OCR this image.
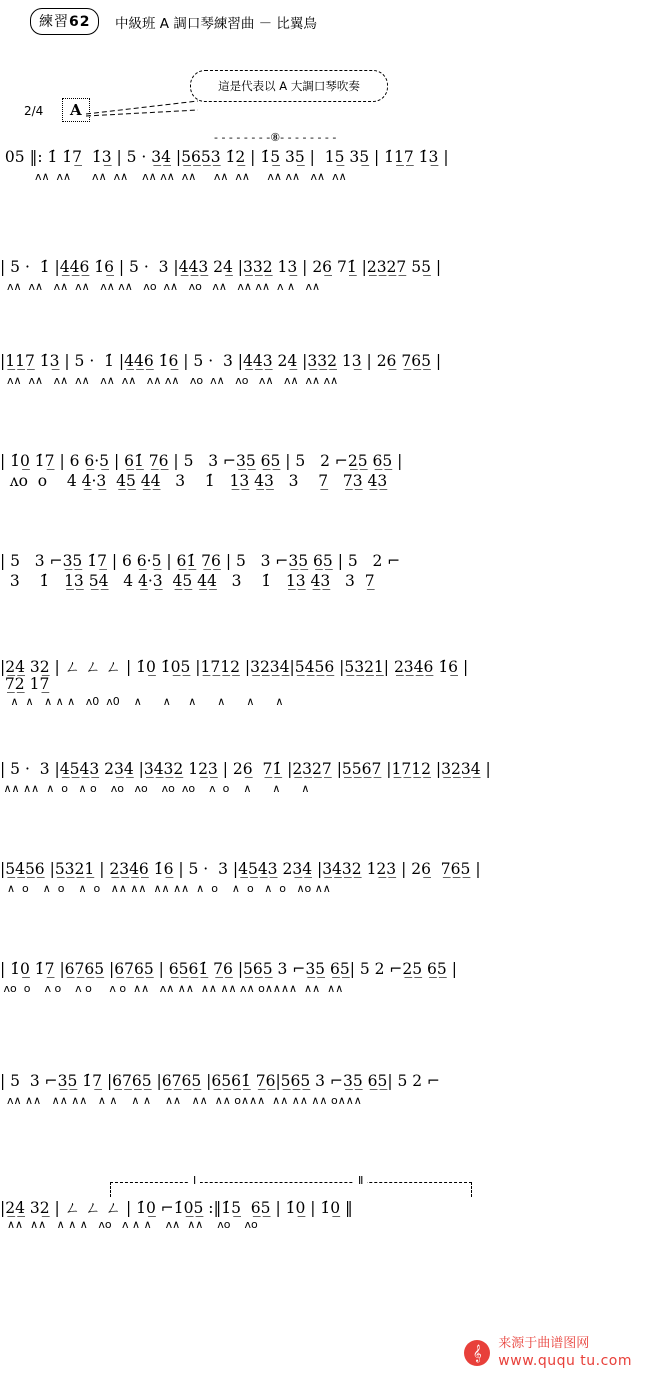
練習62	中級班 A 調口琴練習曲 － 比翼鳥
這是代表以 A 大調口琴吹奏
2/4	A
- - - - - - - -⑧- - - - - - - -
05 ‖: 1̇ 1̇7̲  1̇3̲ | 5 · 3̲4̲ |5̲6̲5̲3̲ 1̇2̲ | 1̇5̲ 35̲ |  15̲ 35̲ | 1̇1̲7̲ 1̇3̲ |
ʌ∧  ʌ∧      ʌ∧  ʌ∧    ʌ∧ ʌ∧  ʌ∧     ʌ∧  ʌ∧     ʌ∧ ʌ∧   ʌ∧  ʌ∧
| 5 ·  1̇ |4̲4̲6̲ 1̇6̲ | 5 ·  3 |4̲4̲3̲ 24̲ |3̲3̲2̲ 13̲ | 26̲ 71̲̇ |2̲3̲2̲7̲ 55̲ |
ʌ∧  ʌ∧   ʌ∧  ʌ∧   ʌ∧ ʌ∧   ʌo  ʌ∧   ʌo   ʌ∧   ʌ∧ ʌ∧  ʌ ∧   ʌ∧
|1̲1̲7̲ 1̇3̲ | 5 ·  1̇ |4̲4̲6̲ 1̇6̲ | 5 ·  3 |4̲4̲3̲ 24̲ |3̲3̲2̲ 13̲ | 26̲ 7̲6̲5̲ |
ʌ∧  ʌ∧   ʌ∧  ʌ∧   ʌ∧  ʌ∧   ʌ∧ ʌ∧   ʌo  ʌ∧   ʌo   ʌ∧   ʌ∧  ʌ∧ ʌ∧
| 1̇0̲ 1̇7̲ | 6 6̲·5̲ | 6̲1̲̇ 7̲6̲ | 5   3 ⌐3̲5̲ 6̲5̲ | 5   2 ⌐2̲5̲ 6̲5̲ |
ʌo  o    4 4̲·3̲  4̲5̲ 4̲4̲   3    1̇   1̲3̲ 4̲3̲   3    7̲   7̲3̲ 4̲3̲
| 5   3 ⌐3̲5̲ 1̇7̲ | 6 6̲·5̲ | 6̲1̲̇ 7̲6̲ | 5   3 ⌐3̲5̲ 6̲5̲ | 5   2 ⌐
3    1̇   1̲3̲ 5̲4̲   4 4̲·3̲  4̲5̲ 4̲4̲   3    1̇   1̲3̲ 4̲3̲   3  7̲
|2̲4̲ 32̲ | ㄥ ㄥ ㄥ | 1̇0̲ 1̇0̲5̲ |1̲7̲1̲2̲ |3̲2̲3̲4̲|5̲4̲5̲6̲ |5̲3̲2̲1̲| 2̲3̲4̲6̲ 1̇6̲ |
7̲2̲ 17̲
∧  ∧   ∧ ∧ ∧   ʌ0  ʌ0    ∧      ∧     ∧      ∧      ∧      ∧
| 5 ·  3 |4̲5̲4̲3̲ 23̲4̲ |3̲4̲3̲2̲ 12̲3̲ | 26̲  7̲1̲̇ |2̲3̲2̲7̲ |5̲5̲6̲7̲ |1̲7̲1̲2̲ |3̲2̲3̲4̲ |
∧∧ ∧∧  ∧  o   ∧ o    ʌo   ʌo    ʌo  ʌo    ʌ  o    ∧      ∧      ∧
|5̲4̲5̲6̲ |5̲3̲2̲1̲ | 2̲3̲4̲6̲ 1̇6̲ | 5 ·  3 |4̲5̲4̲3̲ 23̲4̲ |3̲4̲3̲2̲ 12̲3̲ | 26̲  7̲6̲5̲ |
∧  o    ∧  o    ∧  o   ∧∧ ∧∧  ∧∧ ∧∧  ∧  o    ∧  o   ∧  o   ∧o ∧∧
| 1̇0̲ 1̇7̲ |6̲7̲6̲5̲ |6̲7̲6̲5̲ | 6̲5̲6̲1̲̇ 7̲6̲ |5̲6̲5̲ 3 ⌐3̲5̲ 6̲5̲| 5 2 ⌐2̲5̲ 6̲5̲ |
ʌo  o    ʌ o    ʌ o     ʌ o  ∧∧   ʌ∧ ∧∧  ∧∧ ∧∧ ʌ∧ o∧∧∧∧  ∧∧  ∧∧
| 5  3 ⌐3̲5̲ 1̇7̲ |6̲7̲6̲5̲ |6̲7̲6̲5̲ |6̲5̲6̲1̲̇ 7̲6̲|5̲6̲5̲ 3 ⌐3̲5̲ 6̲5̲| 5 2 ⌐
ʌ∧ ∧∧   ∧∧ ∧∧   ∧ ∧    ∧ ∧    ∧∧   ∧∧  ∧∧ o∧∧∧  ∧∧ ∧∧ ∧∧ o∧∧∧
Ⅰ	Ⅱ
|2̲4̲ 32̲ | ㄥ ㄥ ㄥ | 1̇0̲ ⌐1̇0̲5̲ :‖1̇5̲  6̲5̲ | 1̇0̲ | 1̇0̲ ‖
∧∧  ∧∧   ∧ ∧ ∧   ʌo   ʌ ∧ ∧    ʌ∧  ∧∧    ʌo    ʌo
𝄞
来源于曲谱图网
www.ququ tu.com
